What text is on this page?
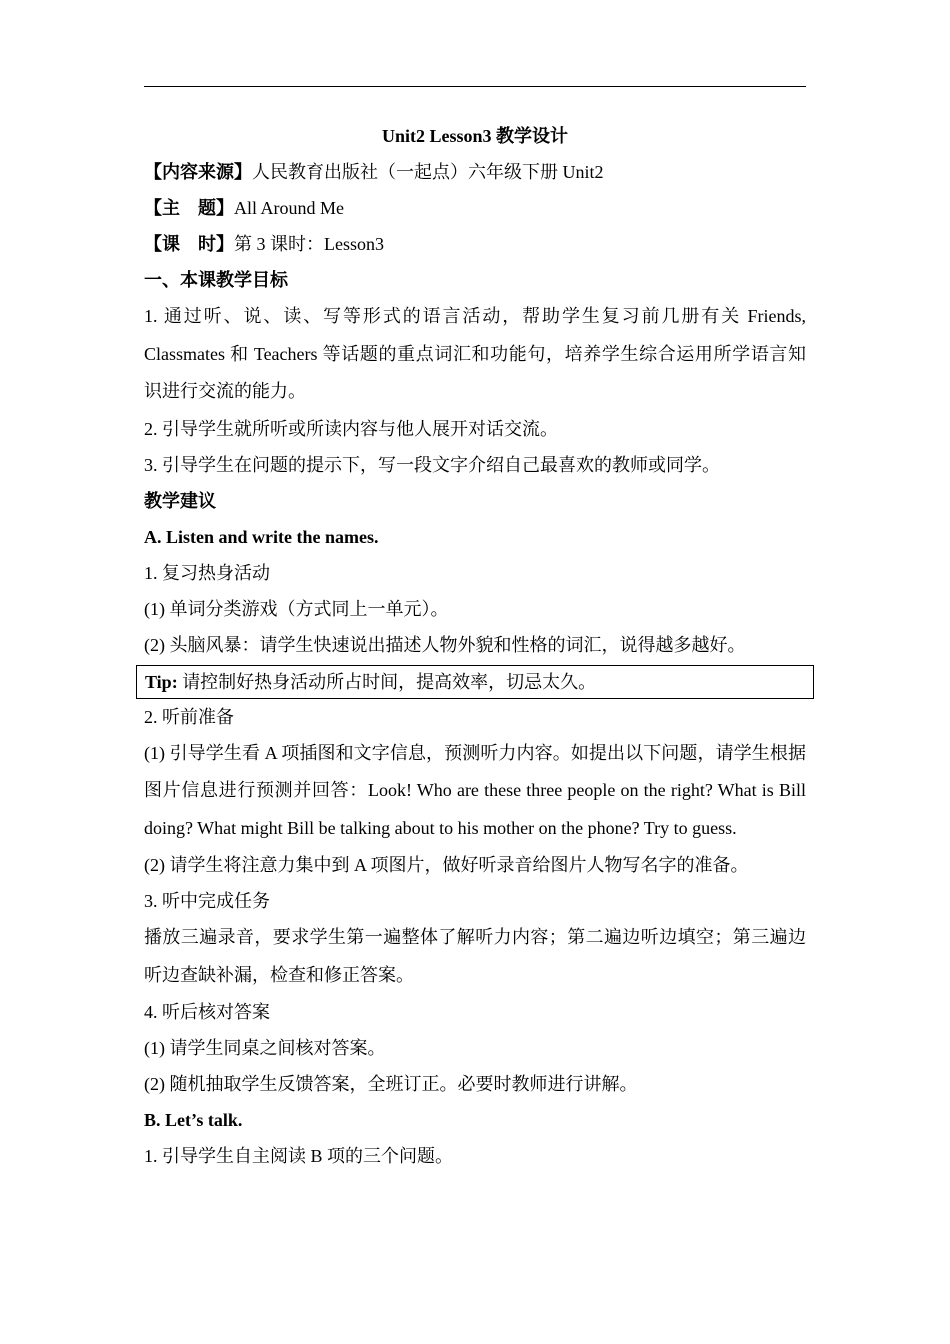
Unit2 Lesson3 教学设计

【内容来源】人民教育出版社（一起点）六年级下册 Unit2

【主　题】All Around Me

【课　时】第 3 课时：Lesson3

一、本课教学目标

1. 通过听、说、读、写等形式的语言活动，帮助学生复习前几册有关 Friends, Classmates 和 Teachers 等话题的重点词汇和功能句，培养学生综合运用所学语言知识进行交流的能力。

2. 引导学生就所听或所读内容与他人展开对话交流。

3. 引导学生在问题的提示下，写一段文字介绍自己最喜欢的教师或同学。

教学建议

A. Listen and write the names.

1. 复习热身活动

(1) 单词分类游戏（方式同上一单元）。

(2) 头脑风暴：请学生快速说出描述人物外貌和性格的词汇，说得越多越好。

Tip: 请控制好热身活动所占时间，提高效率，切忌太久。

2. 听前准备

(1) 引导学生看 A 项插图和文字信息，预测听力内容。如提出以下问题，请学生根据图片信息进行预测并回答：Look! Who are these three people on the right? What is Bill doing? What might Bill be talking about to his mother on the phone? Try to guess.

(2) 请学生将注意力集中到 A 项图片，做好听录音给图片人物写名字的准备。

3. 听中完成任务

播放三遍录音，要求学生第一遍整体了解听力内容；第二遍边听边填空；第三遍边听边查缺补漏，检查和修正答案。

4. 听后核对答案

(1) 请学生同桌之间核对答案。

(2) 随机抽取学生反馈答案，全班订正。必要时教师进行讲解。

B. Let’s talk.

1. 引导学生自主阅读 B 项的三个问题。
